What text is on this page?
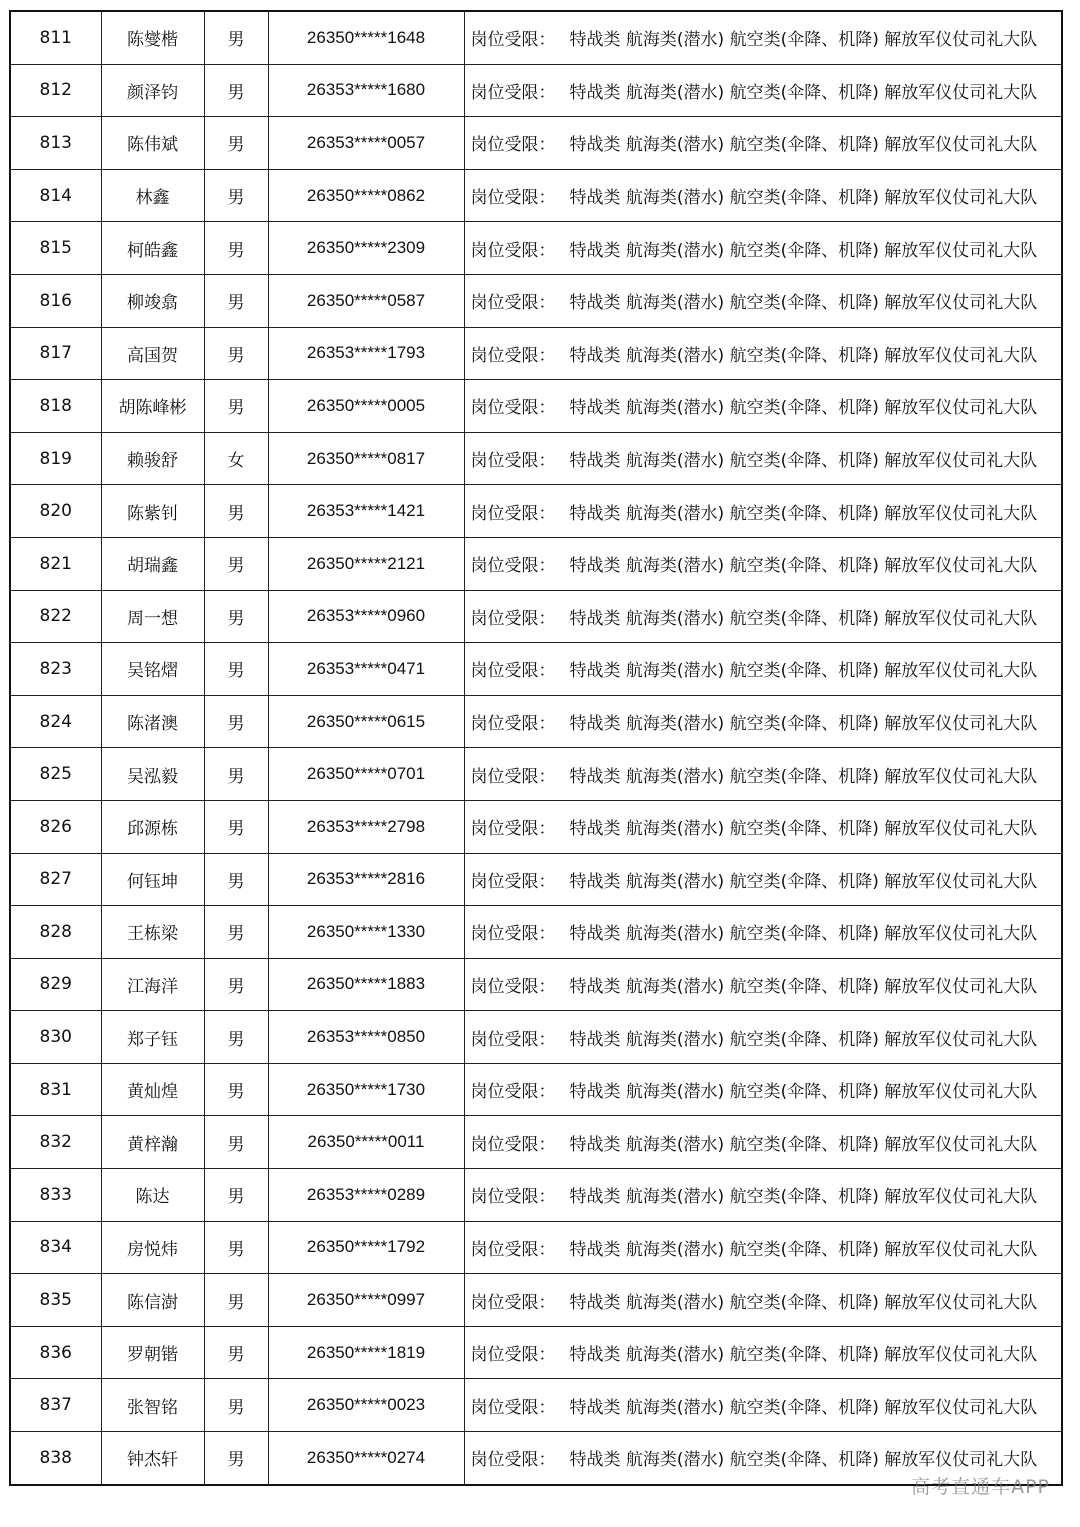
811	陈燮楷	男	26350*****1648	岗位受限： 特战类 航海类(潜水) 航空类(伞降、机降) 解放军仪仗司礼大队
812	颜泽钧	男	26353*****1680	岗位受限： 特战类 航海类(潜水) 航空类(伞降、机降) 解放军仪仗司礼大队
813	陈伟斌	男	26353*****0057	岗位受限： 特战类 航海类(潜水) 航空类(伞降、机降) 解放军仪仗司礼大队
814	林鑫	男	26350*****0862	岗位受限： 特战类 航海类(潜水) 航空类(伞降、机降) 解放军仪仗司礼大队
815	柯皓鑫	男	26350*****2309	岗位受限： 特战类 航海类(潜水) 航空类(伞降、机降) 解放军仪仗司礼大队
816	柳竣翕	男	26350*****0587	岗位受限： 特战类 航海类(潜水) 航空类(伞降、机降) 解放军仪仗司礼大队
817	高国贺	男	26353*****1793	岗位受限： 特战类 航海类(潜水) 航空类(伞降、机降) 解放军仪仗司礼大队
818	胡陈峰彬	男	26350*****0005	岗位受限： 特战类 航海类(潜水) 航空类(伞降、机降) 解放军仪仗司礼大队
819	赖骏舒	女	26350*****0817	岗位受限： 特战类 航海类(潜水) 航空类(伞降、机降) 解放军仪仗司礼大队
820	陈紫钊	男	26353*****1421	岗位受限： 特战类 航海类(潜水) 航空类(伞降、机降) 解放军仪仗司礼大队
821	胡瑞鑫	男	26350*****2121	岗位受限： 特战类 航海类(潜水) 航空类(伞降、机降) 解放军仪仗司礼大队
822	周一想	男	26353*****0960	岗位受限： 特战类 航海类(潜水) 航空类(伞降、机降) 解放军仪仗司礼大队
823	吴铭熠	男	26353*****0471	岗位受限： 特战类 航海类(潜水) 航空类(伞降、机降) 解放军仪仗司礼大队
824	陈渚澳	男	26350*****0615	岗位受限： 特战类 航海类(潜水) 航空类(伞降、机降) 解放军仪仗司礼大队
825	吴泓毅	男	26350*****0701	岗位受限： 特战类 航海类(潜水) 航空类(伞降、机降) 解放军仪仗司礼大队
826	邱源栋	男	26353*****2798	岗位受限： 特战类 航海类(潜水) 航空类(伞降、机降) 解放军仪仗司礼大队
827	何钰坤	男	26353*****2816	岗位受限： 特战类 航海类(潜水) 航空类(伞降、机降) 解放军仪仗司礼大队
828	王栋梁	男	26350*****1330	岗位受限： 特战类 航海类(潜水) 航空类(伞降、机降) 解放军仪仗司礼大队
829	江海洋	男	26350*****1883	岗位受限： 特战类 航海类(潜水) 航空类(伞降、机降) 解放军仪仗司礼大队
830	郑子钰	男	26353*****0850	岗位受限： 特战类 航海类(潜水) 航空类(伞降、机降) 解放军仪仗司礼大队
831	黄灿煌	男	26350*****1730	岗位受限： 特战类 航海类(潜水) 航空类(伞降、机降) 解放军仪仗司礼大队
832	黄梓瀚	男	26350*****0011	岗位受限： 特战类 航海类(潜水) 航空类(伞降、机降) 解放军仪仗司礼大队
833	陈达	男	26353*****0289	岗位受限： 特战类 航海类(潜水) 航空类(伞降、机降) 解放军仪仗司礼大队
834	房悦炜	男	26350*****1792	岗位受限： 特战类 航海类(潜水) 航空类(伞降、机降) 解放军仪仗司礼大队
835	陈信澍	男	26350*****0997	岗位受限： 特战类 航海类(潜水) 航空类(伞降、机降) 解放军仪仗司礼大队
836	罗朝锴	男	26350*****1819	岗位受限： 特战类 航海类(潜水) 航空类(伞降、机降) 解放军仪仗司礼大队
837	张智铭	男	26350*****0023	岗位受限： 特战类 航海类(潜水) 航空类(伞降、机降) 解放军仪仗司礼大队
838	钟杰轩	男	26350*****0274	岗位受限： 特战类 航海类(潜水) 航空类(伞降、机降) 解放军仪仗司礼大队
高考直通车APP
